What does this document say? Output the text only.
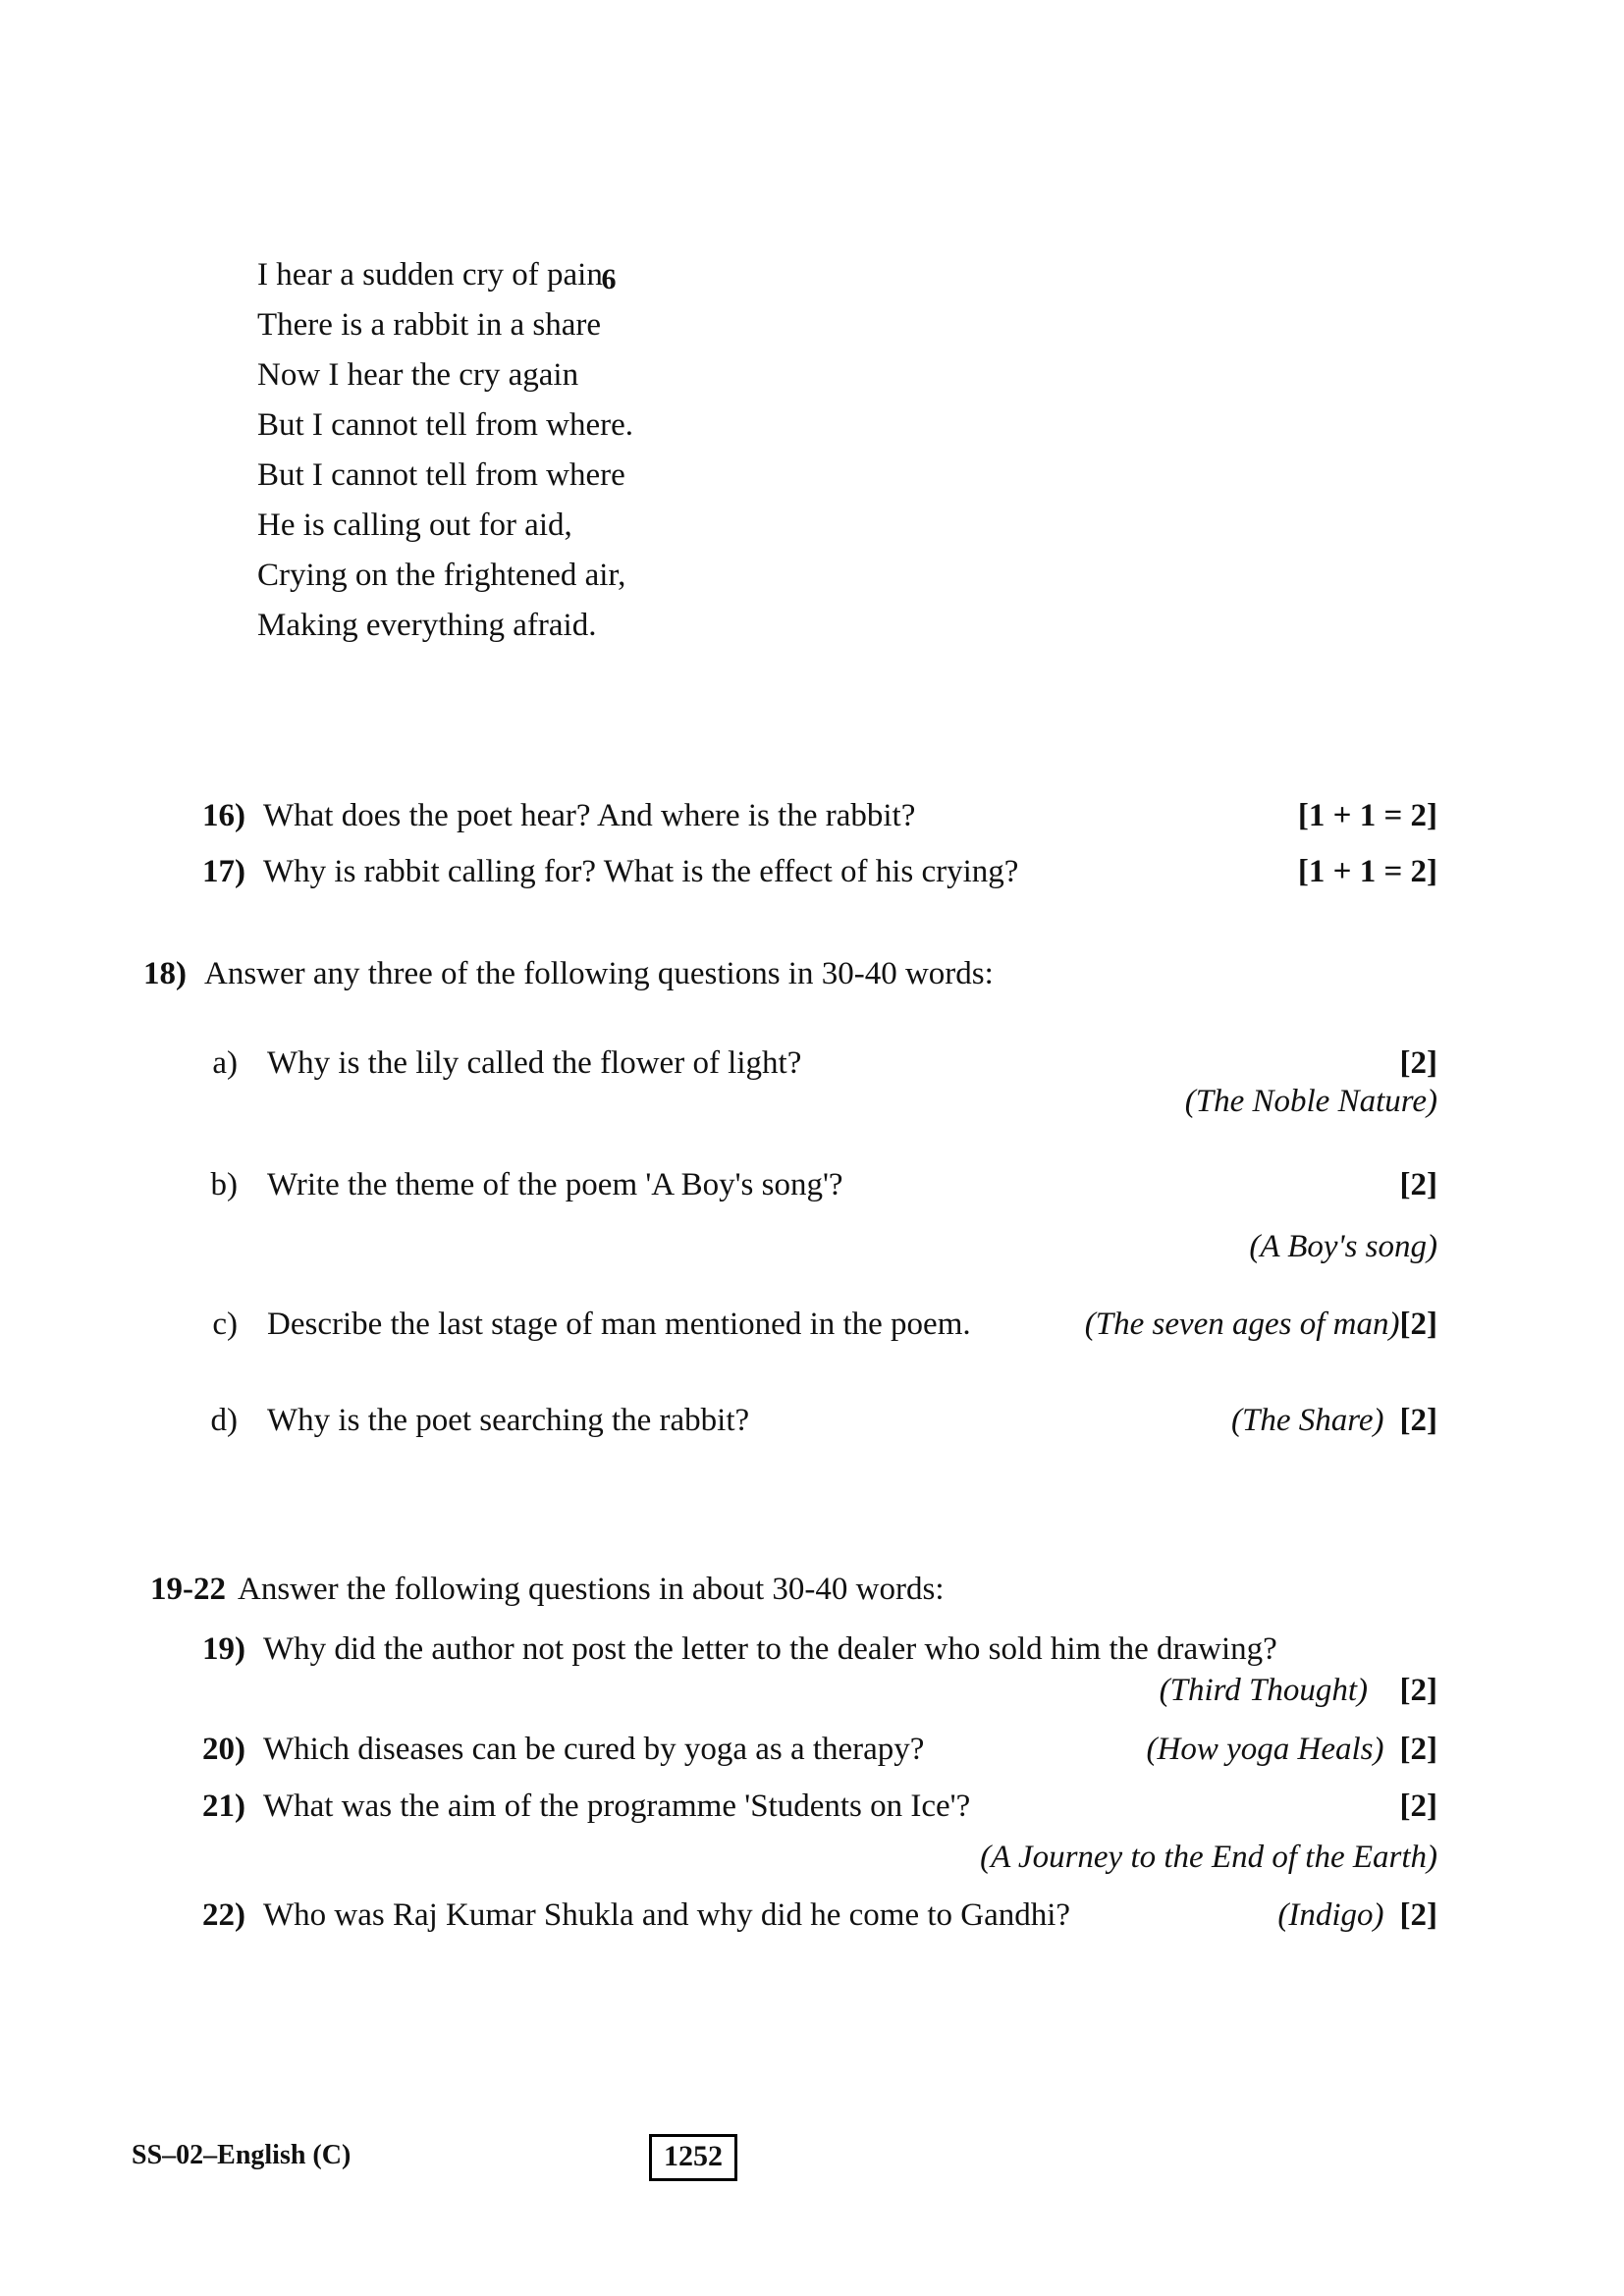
6
I hear a sudden cry of pain
There is a rabbit in a share
Now I hear the cry again
But I cannot tell from where.
But I cannot tell from where
He is calling out for aid,
Crying on the frightened air,
Making everything afraid.
16) What does the poet hear? And where is the rabbit?	[1 + 1 = 2]
17) Why is rabbit calling for? What is the effect of his crying?	[1 + 1 = 2]
18) Answer any three of the following questions in 30-40 words:
a) Why is the lily called the flower of light?	[2]
(The Noble Nature)
b) Write the theme of the poem 'A Boy's song'?	[2]
(A Boy's song)
c) Describe the last stage of man mentioned in the poem.	(The seven ages of man) [2]
d) Why is the poet searching the rabbit?	(The Share) [2]
19-22 Answer the following questions in about 30-40 words:
19) Why did the author not post the letter to the dealer who sold him the drawing?
(Third Thought) [2]
20) Which diseases can be cured by yoga as a therapy?	(How yoga Heals) [2]
21) What was the aim of the programme 'Students on Ice'?	[2]
(A Journey to the End of the Earth)
22) Who was Raj Kumar Shukla and why did he come to Gandhi?	(Indigo) [2]
SS–02–English (C)	1252
